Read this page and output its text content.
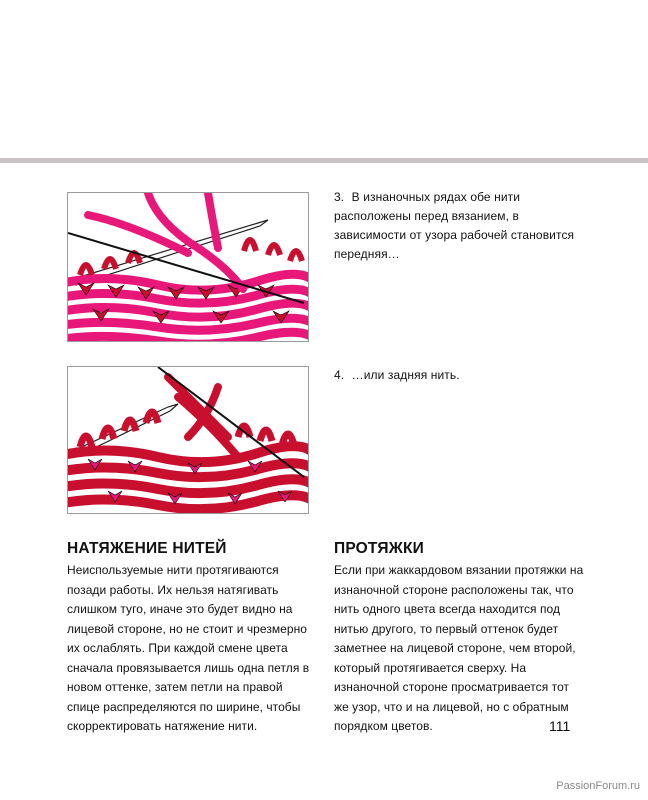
3. В изнаночных рядах обе нити расположены перед вязанием, в зависимости от узора рабочей становится передняя…
4. …или задняя нить.
НАТЯЖЕНИЕ НИТЕЙ

Неиспользуемые нити протягиваются позади работы. Их нельзя натягивать слишком туго, иначе это будет видно на лицевой стороне, но не стоит и чрезмерно их ослаблять. При каждой смене цвета сначала провязывается лишь одна петля в новом оттенке, затем петли на правой спице распределяются по ширине, чтобы скорректировать натяжение нити.

ПРОТЯЖКИ

Если при жаккардовом вязании протяжки на изнаночной стороне расположены так, что нить одного цвета всегда находится под нитью другого, то первый оттенок будет заметнее на лицевой стороне, чем второй, который протягивается сверху. На изнаночной стороне просматривается тот же узор, что и на лицевой, но с обратным порядком цветов.	111
PassionForum.ru
